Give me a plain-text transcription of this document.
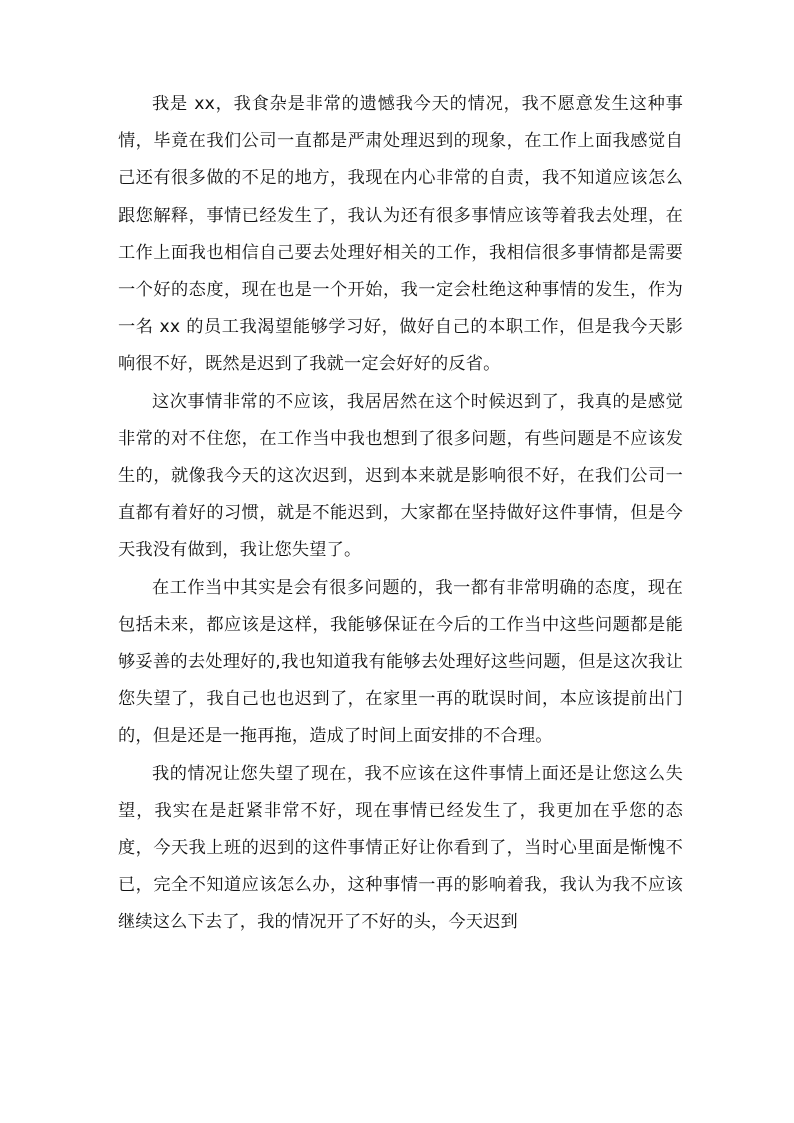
我是 xx，我食杂是非常的遗憾我今天的情况，我不愿意发生这种事情，毕竟在我们公司一直都是严肃处理迟到的现象，在工作上面我感觉自己还有很多做的不足的地方，我现在内心非常的自责，我不知道应该怎么跟您解释，事情已经发生了，我认为还有很多事情应该等着我去处理，在工作上面我也相信自己要去处理好相关的工作，我相信很多事情都是需要一个好的态度，现在也是一个开始，我一定会杜绝这种事情的发生，作为一名 xx 的员工我渴望能够学习好，做好自己的本职工作，但是我今天影响很不好，既然是迟到了我就一定会好好的反省。

这次事情非常的不应该，我居居然在这个时候迟到了，我真的是感觉非常的对不住您，在工作当中我也想到了很多问题，有些问题是不应该发生的，就像我今天的这次迟到，迟到本来就是影响很不好，在我们公司一直都有着好的习惯，就是不能迟到，大家都在坚持做好这件事情，但是今天我没有做到，我让您失望了。

在工作当中其实是会有很多问题的，我一都有非常明确的态度，现在包括未来，都应该是这样，我能够保证在今后的工作当中这些问题都是能够妥善的去处理好的,我也知道我有能够去处理好这些问题，但是这次我让您失望了，我自己也也迟到了，在家里一再的耽误时间，本应该提前出门的，但是还是一拖再拖，造成了时间上面安排的不合理。

我的情况让您失望了现在，我不应该在这件事情上面还是让您这么失望，我实在是赶紧非常不好，现在事情已经发生了，我更加在乎您的态度，今天我上班的迟到的这件事情正好让你看到了，当时心里面是惭愧不已，完全不知道应该怎么办，这种事情一再的影响着我，我认为我不应该继续这么下去了，我的情况开了不好的头，今天迟到
